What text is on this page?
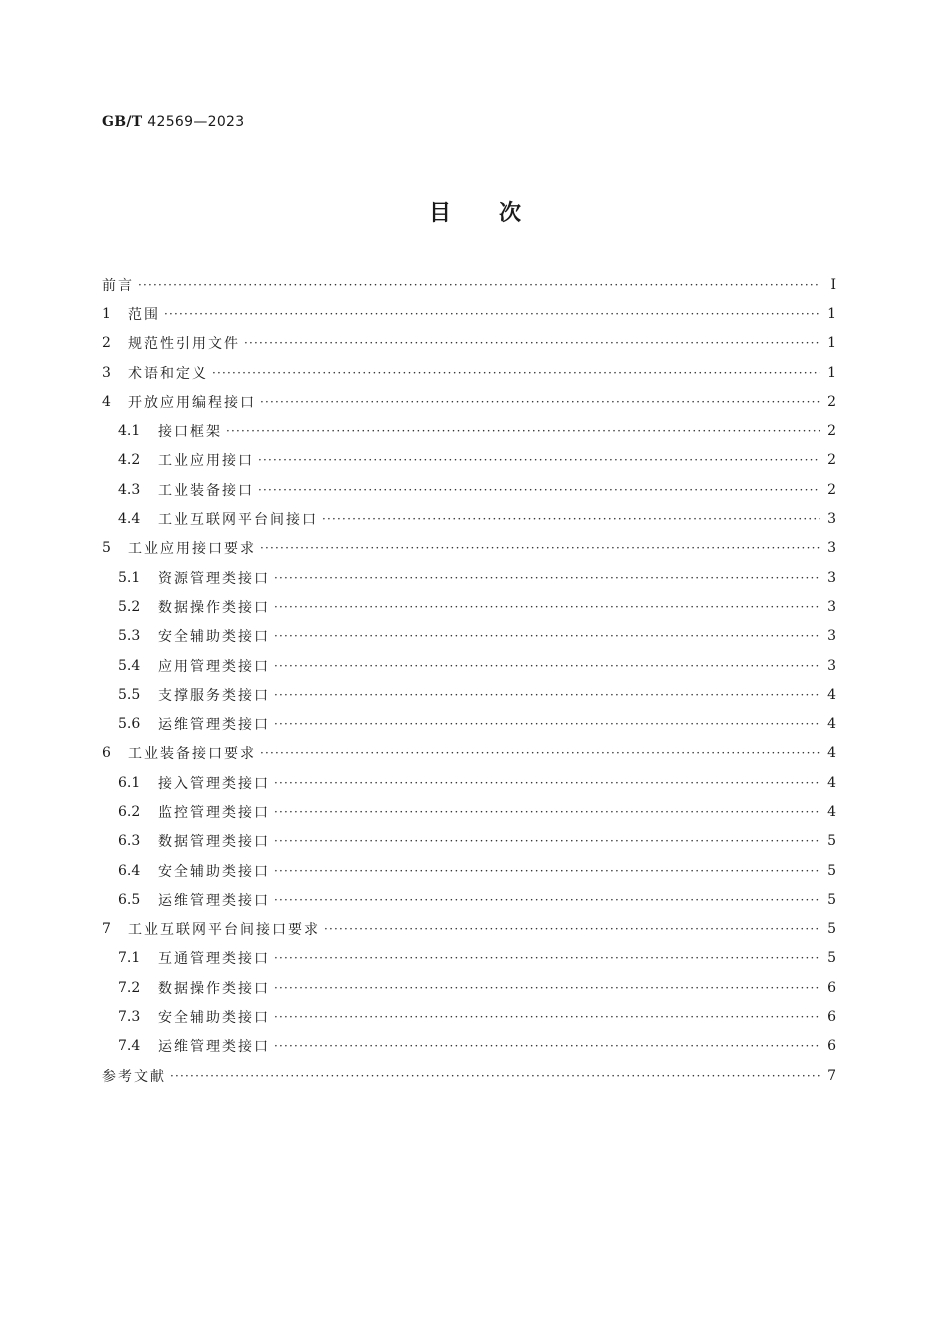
GB/T 42569—2023
目次
前言 ·····	Ⅰ
1	范围 ·····	1
2	规范性引用文件 ·····	1
3	术语和定义 ·····	1
4	开放应用编程接口 ·····	2
4.1	接口框架 ·····	2
4.2	工业应用接口 ·····	2
4.3	工业装备接口 ·····	2
4.4	工业互联网平台间接口 ·····	3
5	工业应用接口要求 ·····	3
5.1	资源管理类接口 ·····	3
5.2	数据操作类接口 ·····	3
5.3	安全辅助类接口 ·····	3
5.4	应用管理类接口 ·····	3
5.5	支撑服务类接口 ·····	4
5.6	运维管理类接口 ·····	4
6	工业装备接口要求 ·····	4
6.1	接入管理类接口 ·····	4
6.2	监控管理类接口 ·····	4
6.3	数据管理类接口 ·····	5
6.4	安全辅助类接口 ·····	5
6.5	运维管理类接口 ·····	5
7	工业互联网平台间接口要求 ·····	5
7.1	互通管理类接口 ·····	5
7.2	数据操作类接口 ·····	6
7.3	安全辅助类接口 ·····	6
7.4	运维管理类接口 ·····	6
参考文献 ·····	7
